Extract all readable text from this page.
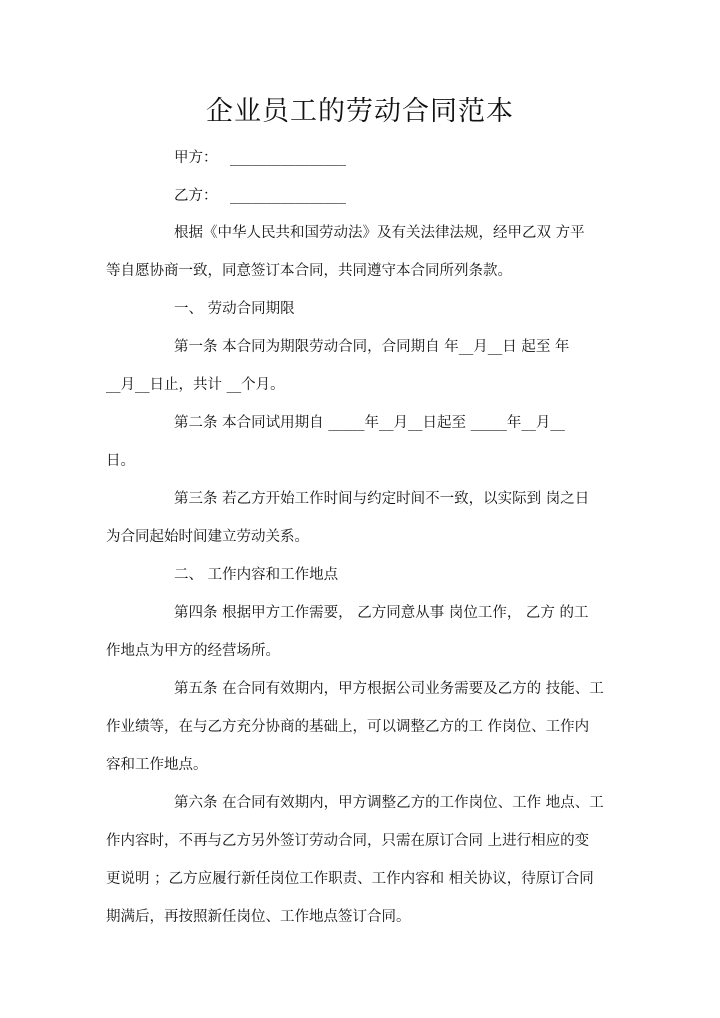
企业员工的劳动合同范本
甲方： ________________
乙方： ________________
根据《中华人民共和国劳动法》及有关法律法规，经甲乙双 方平
等自愿协商一致，同意签订本合同，共同遵守本合同所列条款。
一、 劳动合同期限
第一条 本合同为期限劳动合同，合同期自 年__月__日 起至 年
__月__日止，共计 __个月。
第二条 本合同试用期自 _____年__月__日起至 _____年__月__
日。
第三条 若乙方开始工作时间与约定时间不一致，以实际到 岗之日
为合同起始时间建立劳动关系。
二、 工作内容和工作地点
第四条 根据甲方工作需要， 乙方同意从事 岗位工作， 乙方 的工
作地点为甲方的经营场所。
第五条 在合同有效期内，甲方根据公司业务需要及乙方的 技能、工
作业绩等，在与乙方充分协商的基础上，可以调整乙方的工 作岗位、工作内
容和工作地点。
第六条 在合同有效期内，甲方调整乙方的工作岗位、工作 地点、工
作内容时，不再与乙方另外签订劳动合同，只需在原订合同 上进行相应的变
更说明 ；乙方应履行新任岗位工作职责、工作内容和 相关协议，待原订合同
期满后，再按照新任岗位、工作地点签订合同。
